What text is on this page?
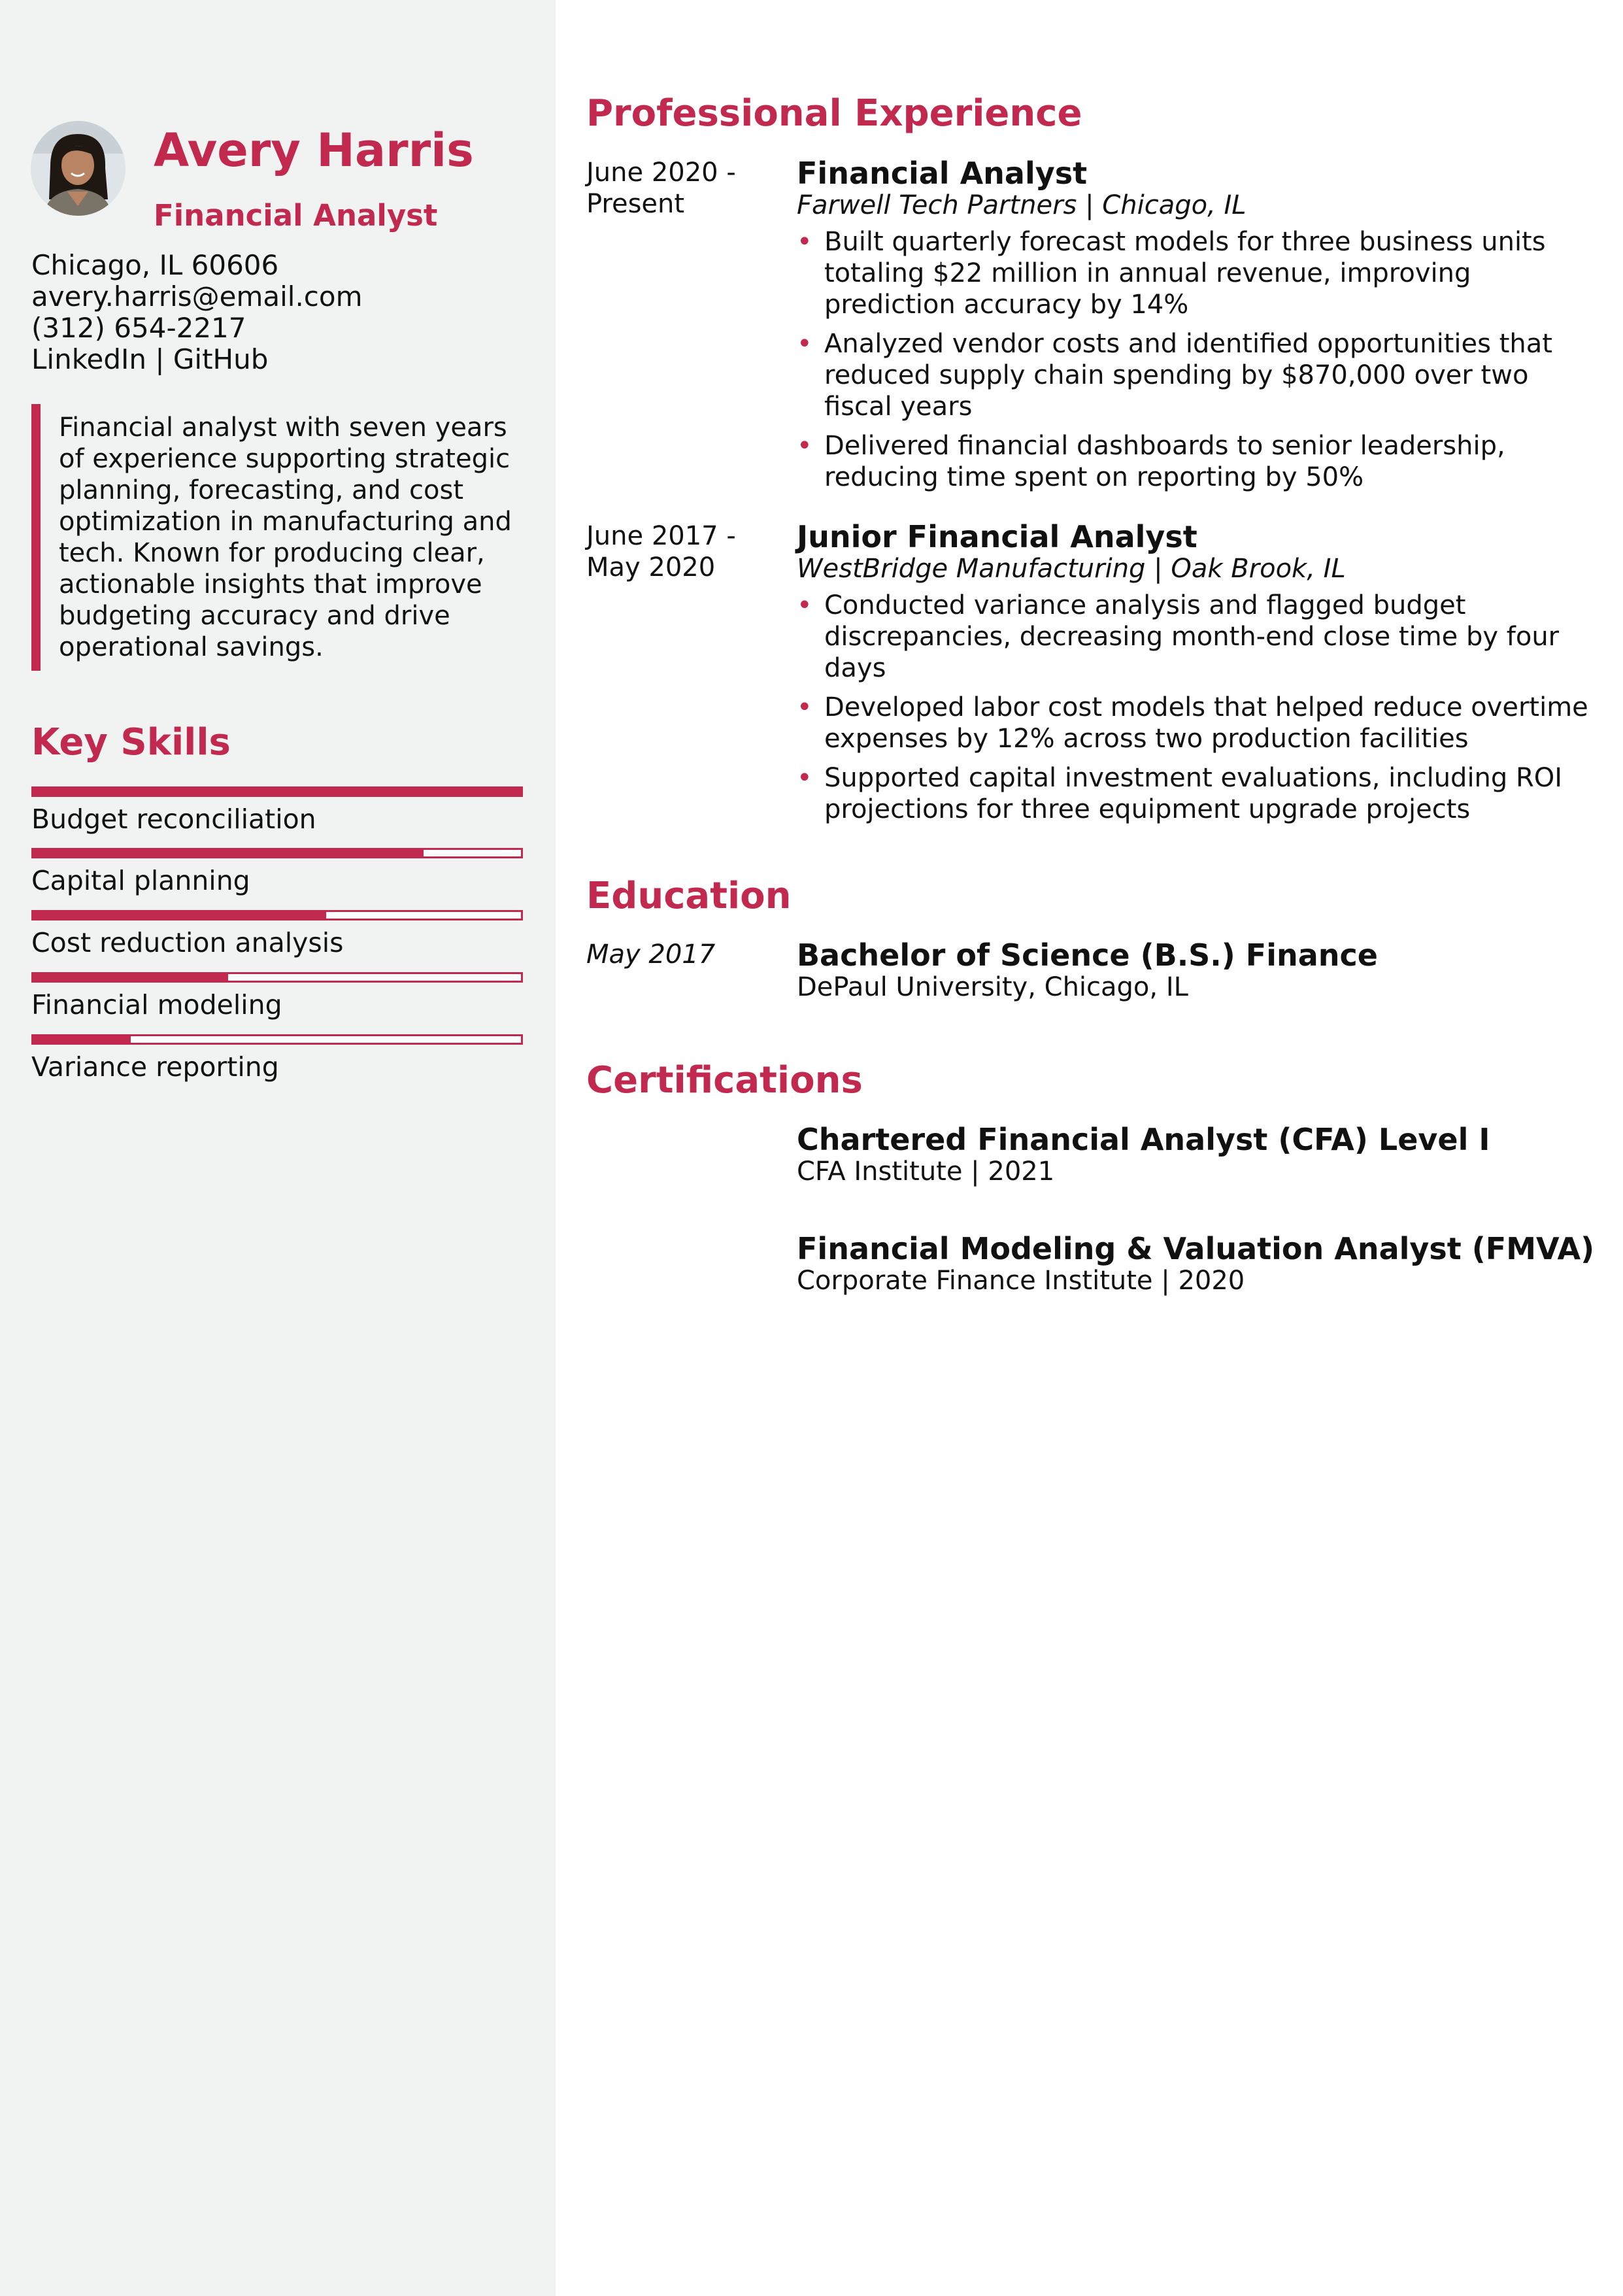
Avery Harris
Financial Analyst
Chicago, IL 60606
avery.harris@email.com
(312) 654-2217
LinkedIn | GitHub

Financial analyst with seven years of experience supporting strategic planning, forecasting, and cost optimization in manufacturing and tech. Known for producing clear, actionable insights that improve budgeting accuracy and drive operational savings.

Key Skills
Budget reconciliation
Capital planning
Cost reduction analysis
Financial modeling
Variance reporting
Professional Experience
June 2020 -
Present
Financial Analyst
Farwell Tech Partners | Chicago, IL
• Built quarterly forecast models for three business units totaling $22 million in annual revenue, improving prediction accuracy by 14%
• Analyzed vendor costs and identified opportunities that reduced supply chain spending by $870,000 over two fiscal years
• Delivered financial dashboards to senior leadership, reducing time spent on reporting by 50%
June 2017 -
May 2020
Junior Financial Analyst
WestBridge Manufacturing | Oak Brook, IL
• Conducted variance analysis and flagged budget discrepancies, decreasing month-end close time by four days
• Developed labor cost models that helped reduce overtime expenses by 12% across two production facilities
• Supported capital investment evaluations, including ROI projections for three equipment upgrade projects
Education
May 2017	Bachelor of Science (B.S.) Finance
DePaul University, Chicago, IL
Certifications
Chartered Financial Analyst (CFA) Level I
CFA Institute | 2021
Financial Modeling & Valuation Analyst (FMVA)
Corporate Finance Institute | 2020
